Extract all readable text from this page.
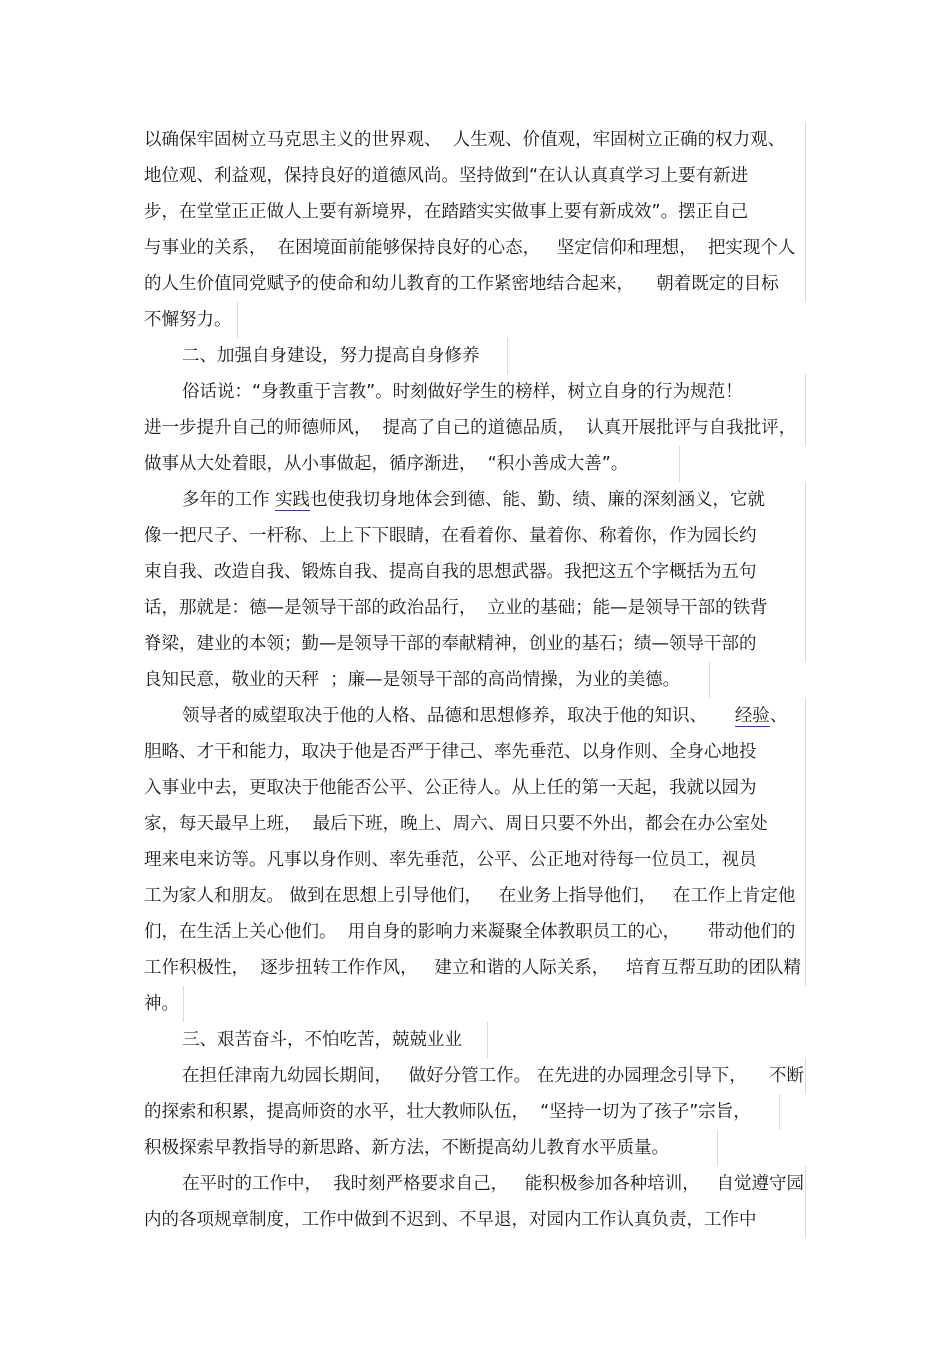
以确保牢固树立马克思主义的世界观、  人生观、价值观，牢固树立正确的权力观、
地位观、利益观，保持良好的道德风尚。坚持做到“在认认真真学习上要有新进
步，在堂堂正正做人上要有新境界，在踏踏实实做事上要有新成效”。摆正自己
与事业的关系，  在困境面前能够保持良好的心态，   坚定信仰和理想，  把实现个人
的人生价值同党赋予的使命和幼儿教育的工作紧密地结合起来，    朝着既定的目标
不懈努力。
二、加强自身建设，努力提高自身修养
俗话说：“身教重于言教”。时刻做好学生的榜样，树立自身的行为规范！
进一步提升自己的师德师风，  提高了自己的道德品质，  认真开展批评与自我批评，
做事从大处着眼，从小事做起，循序渐进，  “积小善成大善”。
多年的工作 实践也使我切身地体会到德、能、勤、绩、廉的深刻涵义，它就
像一把尺子、一杆称、上上下下眼睛，在看着你、量着你、称着你，作为园长约
束自我、改造自我、锻炼自我、提高自我的思想武器。我把这五个字概括为五句
话，那就是：德—是领导干部的政治品行，  立业的基础；能—是领导干部的铁背
脊梁，建业的本领；勤—是领导干部的奉献精神，创业的基石；绩—领导干部的
良知民意，敬业的天秤  ；廉—是领导干部的高尚情操，为业的美德。
领导者的威望取决于他的人格、品德和思想修养，取决于他的知识、     经验、
胆略、才干和能力，取决于他是否严于律己、率先垂范、以身作则、全身心地投
入事业中去，更取决于他能否公平、公正待人。从上任的第一天起，我就以园为
家，每天最早上班，  最后下班，晚上、周六、周日只要不外出，都会在办公室处
理来电来访等。凡事以身作则、率先垂范，公平、公正地对待每一位员工，视员
工为家人和朋友。 做到在思想上引导他们，   在业务上指导他们，   在工作上肯定他
们，在生活上关心他们。  用自身的影响力来凝聚全体教职员工的心，     带动他们的
工作积极性，  逐步扭转工作作风，   建立和谐的人际关系，   培育互帮互助的团队精
神。
三、艰苦奋斗，不怕吃苦，兢兢业业
在担任津南九幼园长期间，   做好分管工作。 在先进的办园理念引导下，    不断
的探索和积累，提高师资的水平，壮大教师队伍，  “坚持一切为了孩子”宗旨，
积极探索早教指导的新思路、新方法，不断提高幼儿教育水平质量。
在平时的工作中，  我时刻严格要求自己，   能积极参加各种培训，   自觉遵守园
内的各项规章制度，工作中做到不迟到、不早退，对园内工作认真负责，工作中
